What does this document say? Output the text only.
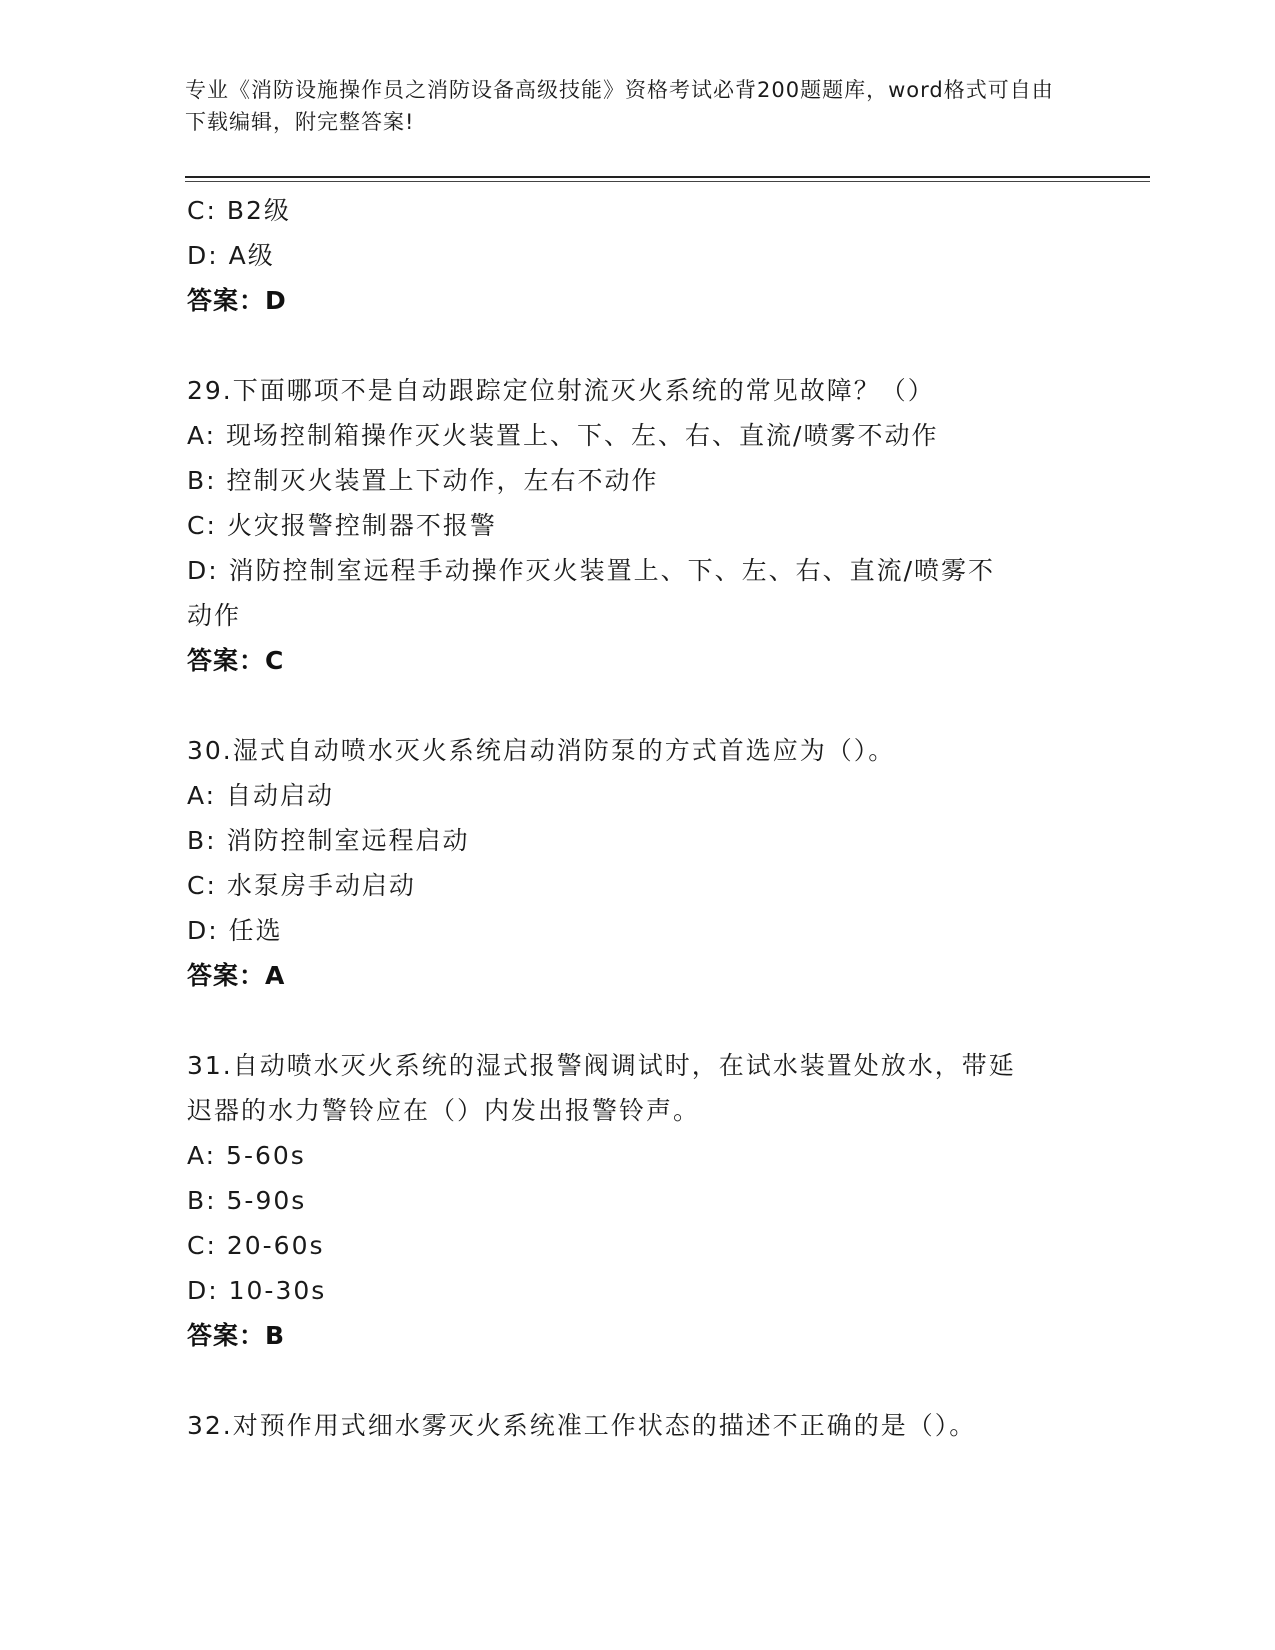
专业《消防设施操作员之消防设备高级技能》资格考试必背200题题库，word格式可自由下载编辑，附完整答案!
C: B2级
D: A级
答案：D
29.下面哪项不是自动跟踪定位射流灭火系统的常见故障？（）
A: 现场控制箱操作灭火装置上、下、左、右、直流/喷雾不动作
B: 控制灭火装置上下动作，左右不动作
C: 火灾报警控制器不报警
D: 消防控制室远程手动操作灭火装置上、下、左、右、直流/喷雾不
动作
答案：C
30.湿式自动喷水灭火系统启动消防泵的方式首选应为（）。
A: 自动启动
B: 消防控制室远程启动
C: 水泵房手动启动
D: 任选
答案：A
31.自动喷水灭火系统的湿式报警阀调试时，在试水装置处放水，带延
迟器的水力警铃应在（）内发出报警铃声。
A: 5-60s
B: 5-90s
C: 20-60s
D: 10-30s
答案：B
32.对预作用式细水雾灭火系统准工作状态的描述不正确的是（）。
